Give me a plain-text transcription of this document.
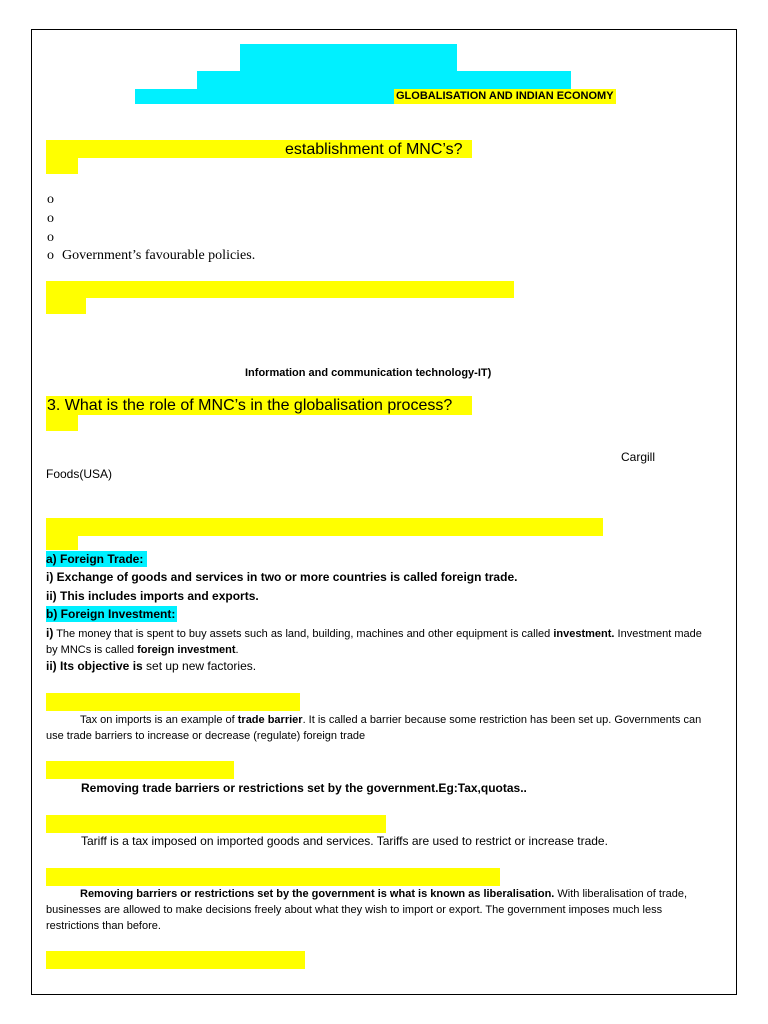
GLOBALISATION AND INDIAN ECONOMY
establishment of MNC’s?
o
o
o
o Government’s favourable policies.
Information and communication technology-IT)
3. What is the role of MNC’s in the globalisation process?
Cargill
Foods(USA)
a) Foreign Trade:
i) Exchange of goods and services in two or more countries is called foreign trade.
ii) This includes imports and exports.
b) Foreign Investment:
i) The money that is spent to buy assets such as land, building, machines and other equipment is called investment. Investment made by MNCs is called foreign investment.
ii) Its objective is set up new factories.
Tax on imports is an example of trade barrier. It is called a barrier because some restriction has been set up. Governments can use trade barriers to increase or decrease (regulate) foreign trade
Removing trade barriers or restrictions set by the government.Eg:Tax,quotas..
Tariff is a tax imposed on imported goods and services. Tariffs are used to restrict or increase trade.
Removing barriers or restrictions set by the government is what is known as liberalisation. With liberalisation of trade, businesses are allowed to make decisions freely about what they wish to import or export. The government imposes much less restrictions than before.
